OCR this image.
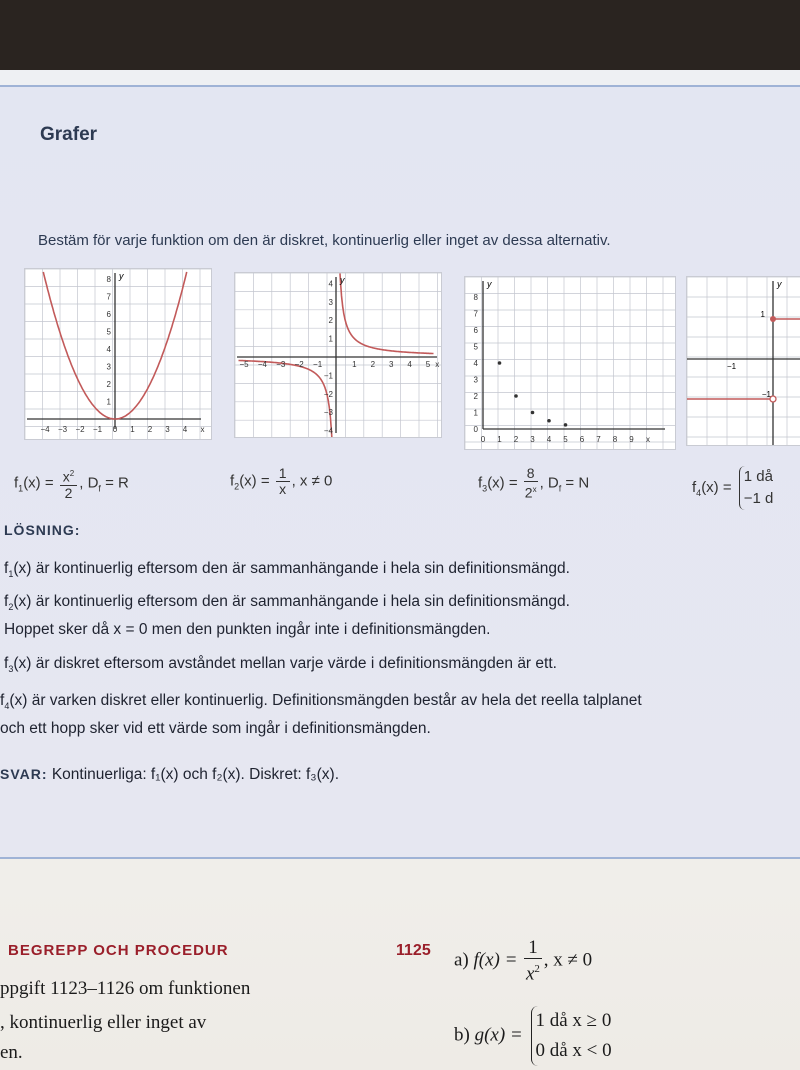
Grafer
Bestäm för varje funktion om den är diskret, kontinuerlig eller inget av dessa alternativ.
−4 −3 −2 −1 0 1 2 3 4 x
8
7
6
5
4
3
2
1
y
−5 −4 −3 −2 −1	1 2 3 4 5 x
4
3
2
1
−1
−2
−3
−4
y
0 1 2 3 4 5 6 7 8 9 x
8
7
6
5
4
3
2
1
0
y
1
−1
−1
y
$f_1(x) = \frac{x^2}{2}$ , $D_f = R$	$f_2(x) = \frac{1}{x}$ , x ≠ 0	$f_3(x) = \frac{8}{2^x}$ , $D_f = N$	$f_4(x)$ =
1 då
−1 d
LÖSNING:
$f_1(x)$ är kontinuerlig eftersom den är sammanhängande i hela sin definitionsmängd.
$f_2(x)$ är kontinuerlig eftersom den är sammanhängande i hela sin definitionsmängd.
Hoppet sker då x = 0 men den punkten ingår inte i definitionsmängden.
$f_3(x)$ är diskret eftersom avståndet mellan varje värde i definitionsmängden är ett.
$f_4(x)$ är varken diskret eller kontinuerlig. Definitionsmängden består av hela det reella talplanet
och ett hopp sker vid ett värde som ingår i definitionsmängden.
SVAR: Kontinuerliga: f₁(x) och f₂(x). Diskret: f₃(x).
BEGREPP OCH PROCEDUR
ppgift 1123–1126 om funktionen
, kontinuerlig eller inget av
en.
1125 a) $f(x) = \frac{1}{x^2}$ , x ≠ 0
b) g(x) =
1 då x ≥ 0
0 då x < 0
